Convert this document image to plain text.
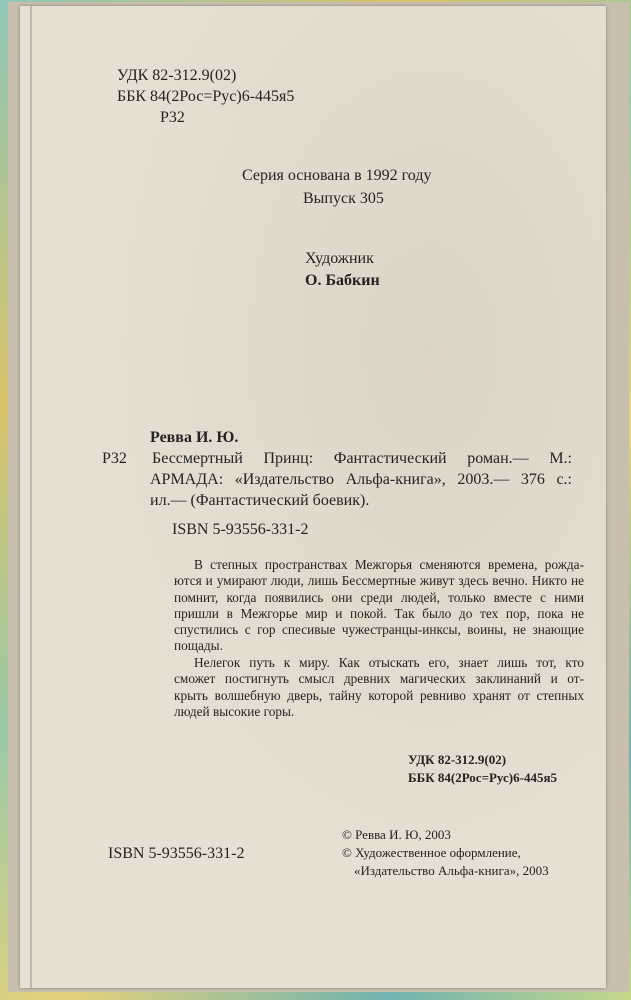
УДК 82-312.9(02)
ББК 84(2Рос=Рус)6-445я5
Р32
Серия основана в 1992 году
Выпуск 305
Художник
О. Бабкин
Ревва И. Ю.
Р32 Бессмертный Принц: Фантастический роман.— М.:
АРМАДА: «Издательство Альфа-книга», 2003.— 376 с.:
ил.— (Фантастический боевик).
ISBN 5-93556-331-2
В степных пространствах Межгорья сменяются времена, рожда-
ются и умирают люди, лишь Бессмертные живут здесь вечно. Никто не
помнит, когда появились они среди людей, только вместе с ними
пришли в Межгорье мир и покой. Так было до тех пор, пока не
спустились с гор спесивые чужестранцы-инксы, воины, не знающие
пощады.
Нелегок путь к миру. Как отыскать его, знает лишь тот, кто
сможет постигнуть смысл древних магических заклинаний и от-
крыть волшебную дверь, тайну которой ревниво хранят от степных
людей высокие горы.
УДК 82-312.9(02)
ББК 84(2Рос=Рус)6-445я5
ISBN 5-93556-331-2
© Ревва И. Ю, 2003
© Художественное оформление,
«Издательство Альфа-книга», 2003
